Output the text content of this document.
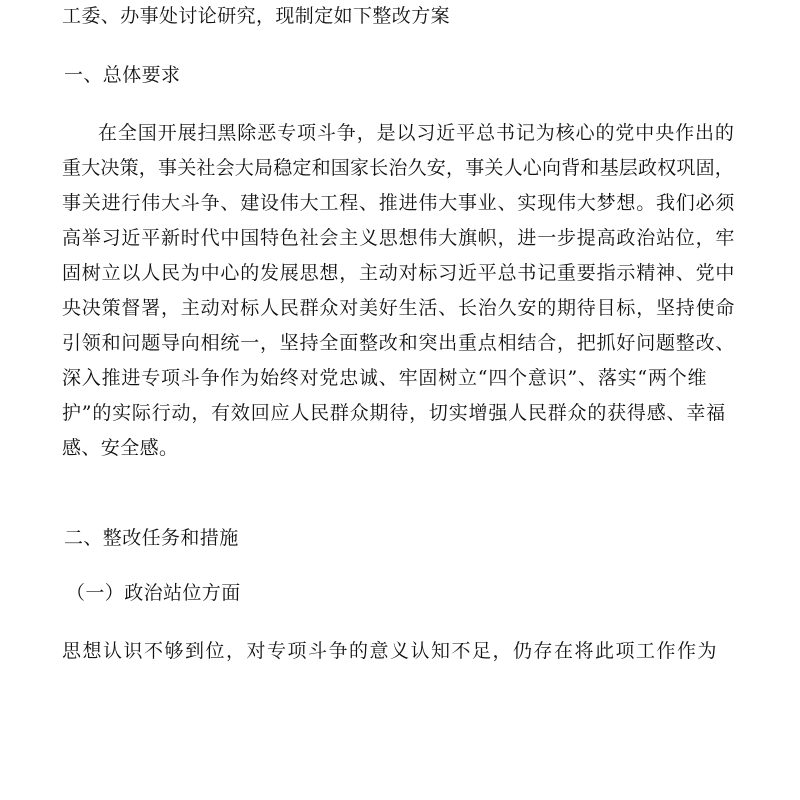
工委、办事处讨论研究，现制定如下整改方案
一、总体要求
在全国开展扫黑除恶专项斗争，是以习近平总书记为核心的党中央作出的
重大决策，事关社会大局稳定和国家长治久安，事关人心向背和基层政权巩固，
事关进行伟大斗争、建设伟大工程、推进伟大事业、实现伟大梦想。我们必须
高举习近平新时代中国特色社会主义思想伟大旗帜，进一步提高政治站位，牢
固树立以人民为中心的发展思想，主动对标习近平总书记重要指示精神、党中
央决策督署，主动对标人民群众对美好生活、长治久安的期待目标，坚持使命
引领和问题导向相统一，坚持全面整改和突出重点相结合，把抓好问题整改、
深入推进专项斗争作为始终对党忠诚、牢固树立“四个意识”、落实“两个维
护”的实际行动，有效回应人民群众期待，切实增强人民群众的获得感、幸福
感、安全感。
二、整改任务和措施
（一）政治站位方面
思想认识不够到位，对专项斗争的意义认知不足，仍存在将此项工作作为
